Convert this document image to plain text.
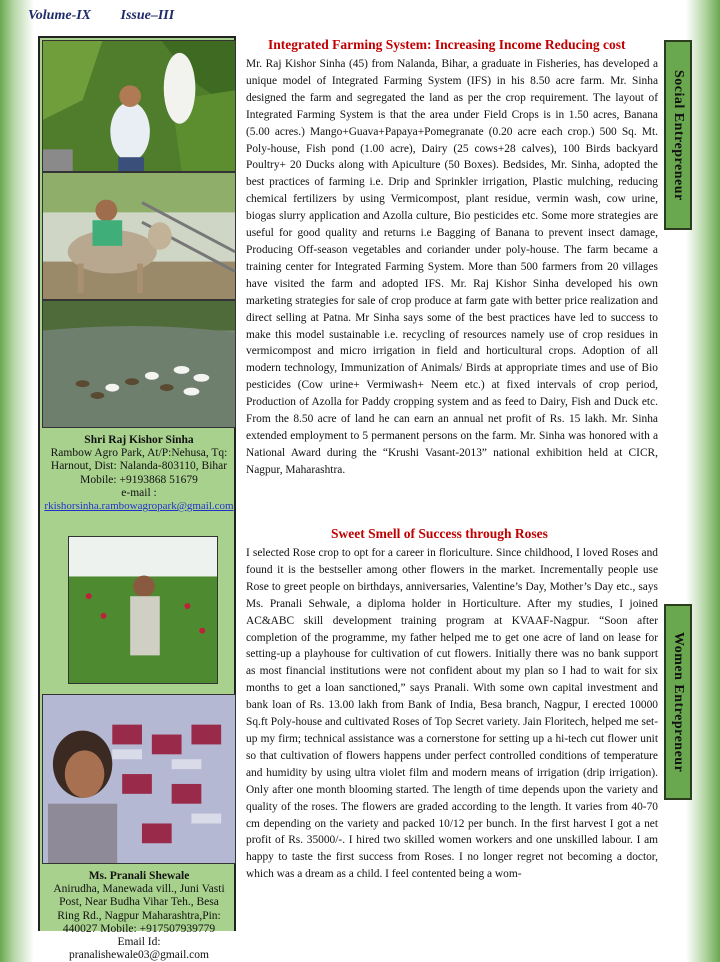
Volume-IX Issue–III
Shri Raj Kishor Sinha
Rambow Agro Park, At/P:Nehusa, Tq: Harnout, Dist: Nalanda-803110, Bihar
Mobile: +9193868 51679
e-mail :
rkishorsinha.rambowagropark@gmail.com
Ms. Pranali Shewale
Anirudha, Manewada vill., Juni Vasti Post, Near Budha Vihar Teh., Besa Ring Rd., Nagpur Maharashtra,Pin: 440027 Mobile: +917507939779
Email Id:
pranalishewale03@gmail.com
Integrated Farming System: Increasing Income Reducing cost
Mr. Raj Kishor Sinha (45) from Nalanda, Bihar, a graduate in Fisheries, has developed a unique model of Integrated Farming System (IFS) in his 8.50 acre farm. Mr. Sinha designed the farm and segregated the land as per the crop requirement. The layout of Integrated Farming System is that the area under Field Crops is in 1.50 acres, Banana (5.00 acres.) Mango+Guava+Papaya+Pomegranate (0.20 acre each crop.) 500 Sq. Mt. Poly-house, Fish pond (1.00 acre), Dairy (25 cows+28 calves), 100 Birds backyard Poultry+ 20 Ducks along with Apiculture (50 Boxes). Bedsides, Mr. Sinha, adopted the best practices of farming i.e. Drip and Sprinkler irrigation, Plastic mulching, reducing chemical fertilizers by using Vermicompost, plant residue, vermin wash, cow urine, biogas slurry application and Azolla culture, Bio pesticides etc. Some more strategies are useful for good quality and returns i.e Bagging of Banana to prevent insect damage, Producing Off-season vegetables and coriander under poly-house. The farm became a training center for Integrated Farming System. More than 500 farmers from 20 villages have visited the farm and adopted IFS. Mr. Raj Kishor Sinha developed his own marketing strategies for sale of crop produce at farm gate with better price realization and direct selling at Patna. Mr Sinha says some of the best practices have led to success to make this model sustainable i.e. recycling of resources namely use of crop residues in vermicompost and micro irrigation in field and horticultural crops. Adoption of all modern technology, Immunization of Animals/ Birds at appropriate times and use of Bio pesticides (Cow urine+ Vermiwash+ Neem etc.) at fixed intervals of crop period, Production of Azolla for Paddy cropping system and as feed to Dairy, Fish and Duck etc. From the 8.50 acre of land he can earn an annual net profit of Rs. 15 lakh. Mr. Sinha extended employment to 5 permanent persons on the farm. Mr. Sinha was honored with a National Award during the “Krushi Vasant-2013” national exhibition held at CICR, Nagpur, Maharashtra.
Sweet Smell of Success through Roses
I selected Rose crop to opt for a career in floriculture. Since childhood, I loved Roses and found it is the bestseller among other flowers in the market. Incrementally people use Rose to greet people on birthdays, anniversaries, Valentine’s Day, Mother’s Day etc., says Ms. Pranali Sehwale, a diploma holder in Horticulture. After my studies, I joined AC&ABC skill development training program at KVAAF-Nagpur. “Soon after completion of the programme, my father helped me to get one acre of land on lease for setting-up a playhouse for cultivation of cut flowers. Initially there was no bank support as most financial institutions were not confident about my plan so I had to wait for six months to get a loan sanctioned,” says Pranali. With some own capital investment and bank loan of Rs. 13.00 lakh from Bank of India, Besa branch, Nagpur, I erected 10000 Sq.ft Poly-house and cultivated Roses of Top Secret variety. Jain Floritech, helped me set-up my firm; technical assistance was a cornerstone for setting up a hi-tech cut flower unit so that cultivation of flowers happens under perfect controlled conditions of temperature and humidity by using ultra violet film and modern means of irrigation (drip irrigation). Only after one month blooming started. The length of time depends upon the variety and quality of the roses. The flowers are graded according to the length. It varies from 40-70 cm depending on the variety and packed 10/12 per bunch. In the first harvest I got a net profit of Rs. 35000/-. I hired two skilled women workers and one unskilled labour. I am happy to taste the first success from Roses. I no longer regret not becoming a doctor, which was a dream as a child. I feel contented being a wom-
Social Entrepreneur
Women Entrepreneur
